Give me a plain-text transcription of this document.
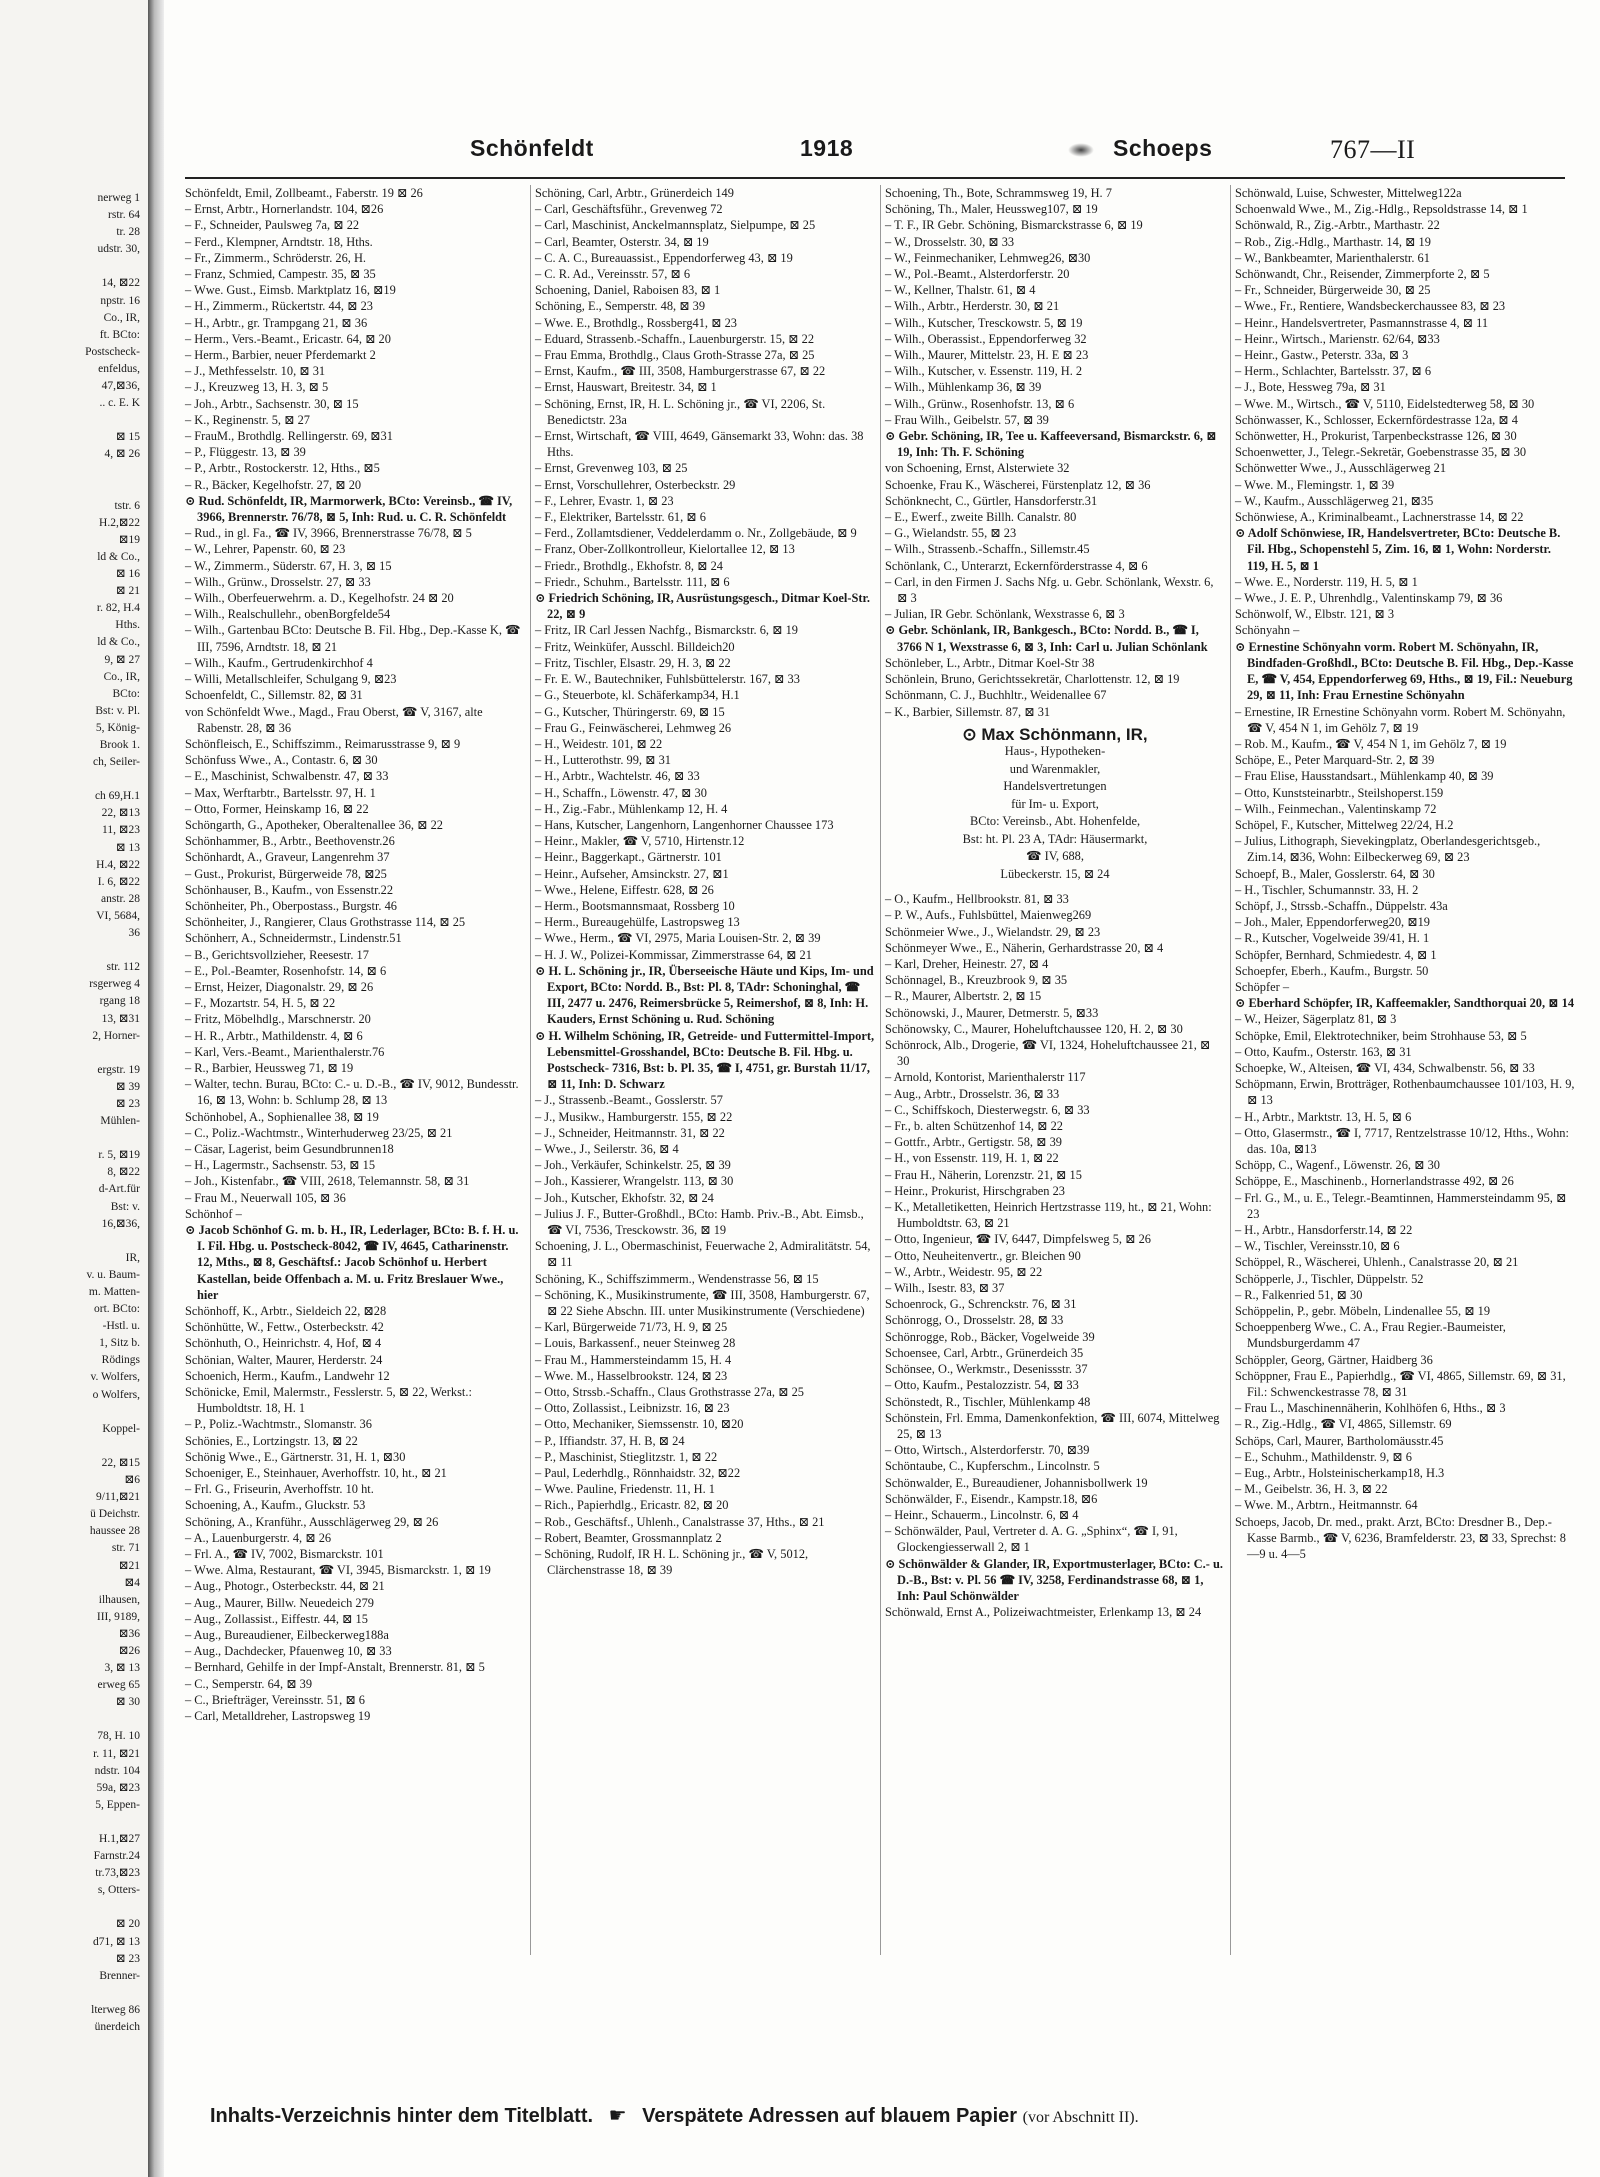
nerweg 1
rstr. 64
tr. 28
udstr. 30,

14, ⊠22
npstr. 16
Co., IR,
ft. BCto:
Postscheck-
enfeldus,
47,⊠36,
.. c. E. K

⊠ 15
4, ⊠ 26

tstr. 6
H.2,⊠22
⊠19
ld & Co.,
⊠ 16
⊠ 21
r. 82, H.4
Hths.
ld & Co.,
9, ⊠ 27
Co., IR,
BCto:
Bst: v. Pl.
5, König-
Brook 1.
ch, Seiler-

ch 69,H.1
22, ⊠13
11, ⊠23
⊠ 13
H.4, ⊠22
I. 6, ⊠22
anstr. 28
VI, 5684,
36

str. 112
rsgerweg 4
rgang 18
13, ⊠31
2, Horner-

ergstr. 19
⊠ 39
⊠ 23
Mühlen-

r. 5, ⊠19
8, ⊠22
d-Art.für
Bst: v.
16,⊠36,

IR,
v. u. Baum-
m. Matten-
ort. BCto:
-Hstl. u.
1, Sitz b.
Rödings
v. Wolfers,
o Wolfers,

Koppel-

22, ⊠15
⊠6
9/11,⊠21
ü Deichstr.
haussee 28
str. 71
⊠21
⊠4
ilhausen,
III, 9189,
⊠36
⊠26
3, ⊠ 13
erweg 65
⊠ 30

78, H. 10
r. 11, ⊠21
ndstr. 104
59a, ⊠23
5, Eppen-

H.1,⊠27
Farnstr.24
tr.73,⊠23
s, Otters-

⊠ 20
d71, ⊠ 13
⊠ 23
Brenner-

lterweg 86
ünerdeich
Schönfeldt	1918	Schoeps	767—II
Schönfeldt, Emil, Zollbeamt., Faberstr. 19 ⊠ 26
– Ernst, Arbtr., Hornerlandstr. 104, ⊠26
– F., Schneider, Paulsweg 7a, ⊠ 22
– Ferd., Klempner, Arndtstr. 18, Hths.
– Fr., Zimmerm., Schröderstr. 26, H.
– Franz, Schmied, Campestr. 35, ⊠ 35
– Wwe. Gust., Eimsb. Marktplatz 16, ⊠19
– H., Zimmerm., Rückertstr. 44, ⊠ 23
– H., Arbtr., gr. Trampgang 21, ⊠ 36
– Herm., Vers.-Beamt., Ericastr. 64, ⊠ 20
– Herm., Barbier, neuer Pferdemarkt 2
– J., Methfesselstr. 10, ⊠ 31
– J., Kreuzweg 13, H. 3, ⊠ 5
– Joh., Arbtr., Sachsenstr. 30, ⊠ 15
– K., Reginenstr. 5, ⊠ 27
– FrauM., Brothdlg. Rellingerstr. 69, ⊠31
– P., Flüggestr. 13, ⊠ 39
– P., Arbtr., Rostockerstr. 12, Hths., ⊠5
– R., Bäcker, Kegelhofstr. 27, ⊠ 20
⊙ Rud. Schönfeldt, IR, Marmorwerk, BCto: Vereinsb., ☎ IV, 3966, Brennerstr. 76/78, ⊠ 5, Inh: Rud. u. C. R. Schönfeldt
– Rud., in gl. Fa., ☎ IV, 3966, Brennerstrasse 76/78, ⊠ 5
– W., Lehrer, Papenstr. 60, ⊠ 23
– W., Zimmerm., Süderstr. 67, H. 3, ⊠ 15
– Wilh., Grünw., Drosselstr. 27, ⊠ 33
– Wilh., Oberfeuerwehrm. a. D., Kegelhofstr. 24 ⊠ 20
– Wilh., Realschullehr., obenBorgfelde54
– Wilh., Gartenbau BCto: Deutsche B. Fil. Hbg., Dep.-Kasse K, ☎ III, 7596, Arndtstr. 18, ⊠ 21
– Wilh., Kaufm., Gertrudenkirchhof 4
– Willi, Metallschleifer, Schulgang 9, ⊠23
Schoenfeldt, C., Sillemstr. 82, ⊠ 31
von Schönfeldt Wwe., Magd., Frau Oberst, ☎ V, 3167, alte Rabenstr. 28, ⊠ 36
Schönfleisch, E., Schiffszimm., Reimarusstrasse 9, ⊠ 9
Schönfuss Wwe., A., Contastr. 6, ⊠ 30
– E., Maschinist, Schwalbenstr. 47, ⊠ 33
– Max, Werftarbtr., Bartelsstr. 97, H. 1
– Otto, Former, Heinskamp 16, ⊠ 22
Schöngarth, G., Apotheker, Oberaltenallee 36, ⊠ 22
Schönhammer, B., Arbtr., Beethovenstr.26
Schönhardt, A., Graveur, Langenrehm 37
– Gust., Prokurist, Bürgerweide 78, ⊠25
Schönhauser, B., Kaufm., von Essenstr.22
Schönheiter, Ph., Oberpostass., Burgstr. 46
Schönheiter, J., Rangierer, Claus Grothstrasse 114, ⊠ 25
Schönherr, A., Schneidermstr., Lindenstr.51
– B., Gerichtsvollzieher, Reesestr. 17
– E., Pol.-Beamter, Rosenhofstr. 14, ⊠ 6
– Ernst, Heizer, Diagonalstr. 29, ⊠ 26
– F., Mozartstr. 54, H. 5, ⊠ 22
– Fritz, Möbelhdlg., Marschnerstr. 20
– H. R., Arbtr., Mathildenstr. 4, ⊠ 6
– Karl, Vers.-Beamt., Marienthalerstr.76
– R., Barbier, Heussweg 71, ⊠ 19
– Walter, techn. Burau, BCto: C.- u. D.-B., ☎ IV, 9012, Bundesstr. 16, ⊠ 13, Wohn: b. Schlump 28, ⊠ 13
Schönhobel, A., Sophienallee 38, ⊠ 19
– C., Poliz.-Wachtmstr., Winterhuderweg 23/25, ⊠ 21
– Cäsar, Lagerist, beim Gesundbrunnen18
– H., Lagermstr., Sachsenstr. 53, ⊠ 15
– Joh., Kistenfabr., ☎ VIII, 2618, Telemannstr. 58, ⊠ 31
– Frau M., Neuerwall 105, ⊠ 36
Schönhof –
⊙ Jacob Schönhof G. m. b. H., IR, Lederlager, BCto: B. f. H. u. I. Fil. Hbg. u. Postscheck-8042, ☎ IV, 4645, Catharinenstr. 12, Mths., ⊠ 8, Geschäftsf.: Jacob Schönhof u. Herbert Kastellan, beide Offenbach a. M. u. Fritz Breslauer Wwe., hier
Schönhoff, K., Arbtr., Sieldeich 22, ⊠28
Schönhütte, W., Fettw., Osterbeckstr. 42
Schönhuth, O., Heinrichstr. 4, Hof, ⊠ 4
Schönian, Walter, Maurer, Herderstr. 24
Schoenich, Herm., Kaufm., Landwehr 12
Schönicke, Emil, Malermstr., Fesslerstr. 5, ⊠ 22, Werkst.: Humboldtstr. 18, H. 1
– P., Poliz.-Wachtmstr., Slomanstr. 36
Schönies, E., Lortzingstr. 13, ⊠ 22
Schönig Wwe., E., Gärtnerstr. 31, H. 1, ⊠30
Schoeniger, E., Steinhauer, Averhoffstr. 10, ht., ⊠ 21
– Frl. G., Friseurin, Averhoffstr. 10 ht.
Schoening, A., Kaufm., Gluckstr. 53
Schöning, A., Kranführ., Ausschlägerweg 29, ⊠ 26
– A., Lauenburgerstr. 4, ⊠ 26
– Frl. A., ☎ IV, 7002, Bismarckstr. 101
– Wwe. Alma, Restaurant, ☎ VI, 3945, Bismarckstr. 1, ⊠ 19
– Aug., Photogr., Osterbeckstr. 44, ⊠ 21
– Aug., Maurer, Billw. Neuedeich 279
– Aug., Zollassist., Eiffestr. 44, ⊠ 15
– Aug., Bureaudiener, Eilbeckerweg188a
– Aug., Dachdecker, Pfauenweg 10, ⊠ 33
– Bernhard, Gehilfe in der Impf-Anstalt, Brennerstr. 81, ⊠ 5
– C., Semperstr. 64, ⊠ 39
– C., Briefträger, Vereinsstr. 51, ⊠ 6
– Carl, Metalldreher, Lastropsweg 19
Schöning, Carl, Arbtr., Grünerdeich 149
– Carl, Geschäftsführ., Grevenweg 72
– Carl, Maschinist, Anckelmannsplatz, Sielpumpe, ⊠ 25
– Carl, Beamter, Osterstr. 34, ⊠ 19
– C. A. C., Bureauassist., Eppendorferweg 43, ⊠ 19
– C. R. Ad., Vereinsstr. 57, ⊠ 6
Schoening, Daniel, Raboisen 83, ⊠ 1
Schöning, E., Semperstr. 48, ⊠ 39
– Wwe. E., Brothdlg., Rossberg41, ⊠ 23
– Eduard, Strassenb.-Schaffn., Lauenburgerstr. 15, ⊠ 22
– Frau Emma, Brothdlg., Claus Groth-Strasse 27a, ⊠ 25
– Ernst, Kaufm., ☎ III, 3508, Hamburgerstrasse 67, ⊠ 22
– Ernst, Hauswart, Breitestr. 34, ⊠ 1
– Schöning, Ernst, IR, H. L. Schöning jr., ☎ VI, 2206, St. Benedictstr. 23a
– Ernst, Wirtschaft, ☎ VIII, 4649, Gänsemarkt 33, Wohn: das. 38 Hths.
– Ernst, Grevenweg 103, ⊠ 25
– Ernst, Vorschullehrer, Osterbeckstr. 29
– F., Lehrer, Evastr. 1, ⊠ 23
– F., Elektriker, Bartelsstr. 61, ⊠ 6
– Ferd., Zollamtsdiener, Veddelerdamm o. Nr., Zollgebäude, ⊠ 9
– Franz, Ober-Zollkontrolleur, Kielortallee 12, ⊠ 13
– Friedr., Brothdlg., Ekhofstr. 8, ⊠ 24
– Friedr., Schuhm., Bartelsstr. 111, ⊠ 6
⊙ Friedrich Schöning, IR, Ausrüstungsgesch., Ditmar Koel-Str. 22, ⊠ 9
– Fritz, IR Carl Jessen Nachfg., Bismarckstr. 6, ⊠ 19
– Fritz, Weinküfer, Ausschl. Billdeich20
– Fritz, Tischler, Elsastr. 29, H. 3, ⊠ 22
– Fr. E. W., Bautechniker, Fuhlsbüttelerstr. 167, ⊠ 33
– G., Steuerbote, kl. Schäferkamp34, H.1
– G., Kutscher, Thüringerstr. 69, ⊠ 15
– Frau G., Feinwäscherei, Lehmweg 26
– H., Weidestr. 101, ⊠ 22
– H., Lutterothstr. 99, ⊠ 31
– H., Arbtr., Wachtelstr. 46, ⊠ 33
– H., Schaffn., Löwenstr. 47, ⊠ 30
– H., Zig.-Fabr., Mühlenkamp 12, H. 4
– Hans, Kutscher, Langenhorn, Langenhorner Chaussee 173
– Heinr., Makler, ☎ V, 5710, Hirtenstr.12
– Heinr., Baggerkapt., Gärtnerstr. 101
– Heinr., Aufseher, Amsinckstr. 27, ⊠1
– Wwe., Helene, Eiffestr. 628, ⊠ 26
– Herm., Bootsmannsmaat, Rossberg 10
– Herm., Bureaugehülfe, Lastropsweg 13
– Wwe., Herm., ☎ VI, 2975, Maria Louisen-Str. 2, ⊠ 39
– H. J. W., Polizei-Kommissar, Zimmerstrasse 64, ⊠ 21
⊙ H. L. Schöning jr., IR, Überseeische Häute und Kips, Im- und Export, BCto: Nordd. B., Bst: Pl. 8, TAdr: Schoninghal, ☎ III, 2477 u. 2476, Reimersbrücke 5, Reimershof, ⊠ 8, Inh: H. Kauders, Ernst Schöning u. Rud. Schöning
⊙ H. Wilhelm Schöning, IR, Getreide- und Futtermittel-Import, Lebensmittel-Grosshandel, BCto: Deutsche B. Fil. Hbg. u. Postscheck- 7316, Bst: b. Pl. 35, ☎ I, 4751, gr. Burstah 11/17, ⊠ 11, Inh: D. Schwarz
– J., Strassenb.-Beamt., Gosslerstr. 57
– J., Musikw., Hamburgerstr. 155, ⊠ 22
– J., Schneider, Heitmannstr. 31, ⊠ 22
– Wwe., J., Seilerstr. 36, ⊠ 4
– Joh., Verkäufer, Schinkelstr. 25, ⊠ 39
– Joh., Kassierer, Wrangelstr. 113, ⊠ 30
– Joh., Kutscher, Ekhofstr. 32, ⊠ 24
– Julius J. F., Butter-Großhdl., BCto: Hamb. Priv.-B., Abt. Eimsb., ☎ VI, 7536, Tresckowstr. 36, ⊠ 19
Schoening, J. L., Obermaschinist, Feuerwache 2, Admiralitätstr. 54, ⊠ 11
Schöning, K., Schiffszimmerm., Wendenstrasse 56, ⊠ 15
– Schöning, K., Musikinstrumente, ☎ III, 3508, Hamburgerstr. 67, ⊠ 22 Siehe Abschn. III. unter Musikinstrumente (Verschiedene)
– Karl, Bürgerweide 71/73, H. 9, ⊠ 25
– Louis, Barkassenf., neuer Steinweg 28
– Frau M., Hammersteindamm 15, H. 4
– Wwe. M., Hasselbrookstr. 124, ⊠ 23
– Otto, Strssb.-Schaffn., Claus Grothstrasse 27a, ⊠ 25
– Otto, Zollassist., Leibnizstr. 16, ⊠ 23
– Otto, Mechaniker, Siemssenstr. 10, ⊠20
– P., Iffiandstr. 37, H. B, ⊠ 24
– P., Maschinist, Stieglitzstr. 1, ⊠ 22
– Paul, Lederhdlg., Rönnhaidstr. 32, ⊠22
– Wwe. Pauline, Friedenstr. 11, H. 1
– Rich., Papierhdlg., Ericastr. 82, ⊠ 20
– Rob., Geschäftsf., Uhlenh., Canalstrasse 37, Hths., ⊠ 21
– Robert, Beamter, Grossmannplatz 2
– Schöning, Rudolf, IR H. L. Schöning jr., ☎ V, 5012, Clärchenstrasse 18, ⊠ 39
Schoening, Th., Bote, Schrammsweg 19, H. 7
Schöning, Th., Maler, Heussweg107, ⊠ 19
– T. F., IR Gebr. Schöning, Bismarckstrasse 6, ⊠ 19
– W., Drosselstr. 30, ⊠ 33
– W., Feinmechaniker, Lehmweg26, ⊠30
– W., Pol.-Beamt., Alsterdorferstr. 20
– W., Kellner, Thalstr. 61, ⊠ 4
– Wilh., Arbtr., Herderstr. 30, ⊠ 21
– Wilh., Kutscher, Tresckowstr. 5, ⊠ 19
– Wilh., Oberassist., Eppendorferweg 32
– Wilh., Maurer, Mittelstr. 23, H. E ⊠ 23
– Wilh., Kutscher, v. Essenstr. 119, H. 2
– Wilh., Mühlenkamp 36, ⊠ 39
– Wilh., Grünw., Rosenhofstr. 13, ⊠ 6
– Frau Wilh., Geibelstr. 57, ⊠ 39
⊙ Gebr. Schöning, IR, Tee u. Kaffeeversand, Bismarckstr. 6, ⊠ 19, Inh: Th. F. Schöning
von Schoening, Ernst, Alsterwiete 32
Schoenke, Frau K., Wäscherei, Fürstenplatz 12, ⊠ 36
Schönknecht, C., Gürtler, Hansdorferstr.31
– E., Ewerf., zweite Billh. Canalstr. 80
– G., Wielandstr. 55, ⊠ 23
– Wilh., Strassenb.-Schaffn., Sillemstr.45
Schönlank, C., Unterarzt, Eckernförderstrasse 4, ⊠ 6
– Carl, in den Firmen J. Sachs Nfg. u. Gebr. Schönlank, Wexstr. 6, ⊠ 3
– Julian, IR Gebr. Schönlank, Wexstrasse 6, ⊠ 3
⊙ Gebr. Schönlank, IR, Bankgesch., BCto: Nordd. B., ☎ I, 3766 N 1, Wexstrasse 6, ⊠ 3, Inh: Carl u. Julian Schönlank
Schönleber, L., Arbtr., Ditmar Koel-Str 38
Schönlein, Bruno, Gerichtssekretär, Charlottenstr. 12, ⊠ 19
Schönmann, C. J., Buchhltr., Weidenallee 67
– K., Barbier, Sillemstr. 87, ⊠ 31
⊙ Max Schönmann, IR,
Haus-, Hypotheken-
und Warenmakler,
Handelsvertretungen
für Im- u. Export,
BCto: Vereinsb., Abt. Hohenfelde,
Bst: ht. Pl. 23 A, TAdr: Häusermarkt,
☎ IV, 688,
Lübeckerstr. 15, ⊠ 24
– O., Kaufm., Hellbrookstr. 81, ⊠ 33
– P. W., Aufs., Fuhlsbüttel, Maienweg269
Schönmeier Wwe., J., Wielandstr. 29, ⊠ 23
Schönmeyer Wwe., E., Näherin, Gerhardstrasse 20, ⊠ 4
– Karl, Dreher, Heinestr. 27, ⊠ 4
Schönnagel, B., Kreuzbrook 9, ⊠ 35
– R., Maurer, Albertstr. 2, ⊠ 15
Schönowski, J., Maurer, Detmerstr. 5, ⊠33
Schönowsky, C., Maurer, Hoheluftchaussee 120, H. 2, ⊠ 30
Schönrock, Alb., Drogerie, ☎ VI, 1324, Hoheluftchaussee 21, ⊠ 30
– Arnold, Kontorist, Marienthalerstr 117
– Aug., Arbtr., Drosselstr. 36, ⊠ 33
– C., Schiffskoch, Diesterwegstr. 6, ⊠ 33
– Fr., b. alten Schützenhof 14, ⊠ 22
– Gottfr., Arbtr., Gertigstr. 58, ⊠ 39
– H., von Essenstr. 119, H. 1, ⊠ 22
– Frau H., Näherin, Lorenzstr. 21, ⊠ 15
– Heinr., Prokurist, Hirschgraben 23
– K., Metalletiketten, Heinrich Hertzstrasse 119, ht., ⊠ 21, Wohn: Humboldtstr. 63, ⊠ 21
– Otto, Ingenieur, ☎ IV, 6447, Dimpfelsweg 5, ⊠ 26
– Otto, Neuheitenvertr., gr. Bleichen 90
– W., Arbtr., Weidestr. 95, ⊠ 22
– Wilh., Isestr. 83, ⊠ 37
Schoenrock, G., Schrenckstr. 76, ⊠ 31
Schönrogg, O., Drosselstr. 28, ⊠ 33
Schönrogge, Rob., Bäcker, Vogelweide 39
Schoensee, Carl, Arbtr., Grünerdeich 35
Schönsee, O., Werkmstr., Desenissstr. 37
– Otto, Kaufm., Pestalozzistr. 54, ⊠ 33
Schönstedt, R., Tischler, Mühlenkamp 48
Schönstein, Frl. Emma, Damenkonfektion, ☎ III, 6074, Mittelweg 25, ⊠ 13
– Otto, Wirtsch., Alsterdorferstr. 70, ⊠39
Schöntaube, C., Kupferschm., Lincolnstr. 5
Schönwalder, E., Bureaudiener, Johannisbollwerk 19
Schönwälder, F., Eisendr., Kampstr.18, ⊠6
– Heinr., Schauerm., Lincolnstr. 6, ⊠ 4
– Schönwälder, Paul, Vertreter d. A. G. „Sphinx“, ☎ I, 91, Glockengiesserwall 2, ⊠ 1
⊙ Schönwälder & Glander, IR, Exportmusterlager, BCto: C.- u. D.-B., Bst: v. Pl. 56 ☎ IV, 3258, Ferdinandstrasse 68, ⊠ 1, Inh: Paul Schönwälder
Schönwald, Ernst A., Polizeiwachtmeister, Erlenkamp 13, ⊠ 24
Schönwald, Luise, Schwester, Mittelweg122a
Schoenwald Wwe., M., Zig.-Hdlg., Repsoldstrasse 14, ⊠ 1
Schönwald, R., Zig.-Arbtr., Marthastr. 22
– Rob., Zig.-Hdlg., Marthastr. 14, ⊠ 19
– W., Bankbeamter, Marienthalerstr. 61
Schönwandt, Chr., Reisender, Zimmerpforte 2, ⊠ 5
– Fr., Schneider, Bürgerweide 30, ⊠ 25
– Wwe., Fr., Rentiere, Wandsbeckerchaussee 83, ⊠ 23
– Heinr., Handelsvertreter, Pasmannstrasse 4, ⊠ 11
– Heinr., Wirtsch., Marienstr. 62/64, ⊠33
– Heinr., Gastw., Peterstr. 33a, ⊠ 3
– Herm., Schlachter, Bartelsstr. 37, ⊠ 6
– J., Bote, Hessweg 79a, ⊠ 31
– Wwe. M., Wirtsch., ☎ V, 5110, Eidelstedterweg 58, ⊠ 30
Schönwasser, K., Schlosser, Eckernfördestrasse 12a, ⊠ 4
Schönwetter, H., Prokurist, Tarpenbeckstrasse 126, ⊠ 30
Schoenwetter, J., Telegr.-Sekretär, Goebenstrasse 35, ⊠ 30
Schönwetter Wwe., J., Ausschlägerweg 21
– Wwe. M., Flemingstr. 1, ⊠ 39
– W., Kaufm., Ausschlägerweg 21, ⊠35
Schönwiese, A., Kriminalbeamt., Lachnerstrasse 14, ⊠ 22
⊙ Adolf Schönwiese, IR, Handelsvertreter, BCto: Deutsche B. Fil. Hbg., Schopenstehl 5, Zim. 16, ⊠ 1, Wohn: Norderstr. 119, H. 5, ⊠ 1
– Wwe. E., Norderstr. 119, H. 5, ⊠ 1
– Wwe., J. E. P., Uhrenhdlg., Valentinskamp 79, ⊠ 36
Schönwolf, W., Elbstr. 121, ⊠ 3
Schönyahn –
⊙ Ernestine Schönyahn vorm. Robert M. Schönyahn, IR, Bindfaden-Großhdl., BCto: Deutsche B. Fil. Hbg., Dep.-Kasse E, ☎ V, 454, Eppendorferweg 69, Hths., ⊠ 19, Fil.: Neueburg 29, ⊠ 11, Inh: Frau Ernestine Schönyahn
– Ernestine, IR Ernestine Schönyahn vorm. Robert M. Schönyahn, ☎ V, 454 N 1, im Gehölz 7, ⊠ 19
– Rob. M., Kaufm., ☎ V, 454 N 1, im Gehölz 7, ⊠ 19
Schöpe, E., Peter Marquard-Str. 2, ⊠ 39
– Frau Elise, Hausstandsart., Mühlenkamp 40, ⊠ 39
– Otto, Kunststeinarbtr., Steilshoperst.159
– Wilh., Feinmechan., Valentinskamp 72
Schöpel, F., Kutscher, Mittelweg 22/24, H.2
– Julius, Lithograph, Sievekingplatz, Oberlandesgerichtsgeb., Zim.14, ⊠36, Wohn: Eilbeckerweg 69, ⊠ 23
Schoepf, B., Maler, Gosslerstr. 64, ⊠ 30
– H., Tischler, Schumannstr. 33, H. 2
Schöpf, J., Strssb.-Schaffn., Düppelstr. 43a
– Joh., Maler, Eppendorferweg20, ⊠19
– R., Kutscher, Vogelweide 39/41, H. 1
Schöpfer, Bernhard, Schmiedestr. 4, ⊠ 1
Schoepfer, Eberh., Kaufm., Burgstr. 50
Schöpfer –
⊙ Eberhard Schöpfer, IR, Kaffeemakler, Sandthorquai 20, ⊠ 14
– W., Heizer, Sägerplatz 81, ⊠ 3
Schöpke, Emil, Elektrotechniker, beim Strohhause 53, ⊠ 5
– Otto, Kaufm., Osterstr. 163, ⊠ 31
Schoepke, W., Alteisen, ☎ VI, 434, Schwalbenstr. 56, ⊠ 33
Schöpmann, Erwin, Brotträger, Rothenbaumchaussee 101/103, H. 9, ⊠ 13
– H., Arbtr., Marktstr. 13, H. 5, ⊠ 6
– Otto, Glasermstr., ☎ I, 7717, Rentzelstrasse 10/12, Hths., Wohn: das. 10a, ⊠13
Schöpp, C., Wagenf., Löwenstr. 26, ⊠ 30
Schöppe, E., Maschinenb., Hornerlandstrasse 492, ⊠ 26
– Frl. G., M., u. E., Telegr.-Beamtinnen, Hammersteindamm 95, ⊠ 23
– H., Arbtr., Hansdorferstr.14, ⊠ 22
– W., Tischler, Vereinsstr.10, ⊠ 6
Schöppel, R., Wäscherei, Uhlenh., Canalstrasse 20, ⊠ 21
Schöpperle, J., Tischler, Düppelstr. 52
– R., Falkenried 51, ⊠ 30
Schöppelin, P., gebr. Möbeln, Lindenallee 55, ⊠ 19
Schoeppenberg Wwe., C. A., Frau Regier.-Baumeister, Mundsburgerdamm 47
Schöppler, Georg, Gärtner, Haidberg 36
Schöppner, Frau E., Papierhdlg., ☎ VI, 4865, Sillemstr. 69, ⊠ 31, Fil.: Schwenckestrasse 78, ⊠ 31
– Frau L., Maschinennäherin, Kohlhöfen 6, Hths., ⊠ 3
– R., Zig.-Hdlg., ☎ VI, 4865, Sillemstr. 69
Schöps, Carl, Maurer, Bartholomäusstr.45
– E., Schuhm., Mathildenstr. 9, ⊠ 6
– Eug., Arbtr., Holsteinischerkamp18, H.3
– M., Geibelstr. 36, H. 3, ⊠ 22
– Wwe. M., Arbtrn., Heitmannstr. 64
Schoeps, Jacob, Dr. med., prakt. Arzt, BCto: Dresdner B., Dep.-Kasse Barmb., ☎ V, 6236, Bramfelderstr. 23, ⊠ 33, Sprechst: 8—9 u. 4—5
Inhalts-Verzeichnis hinter dem Titelblatt. ☛ Verspätete Adressen auf blauem Papier (vor Abschnitt II).
